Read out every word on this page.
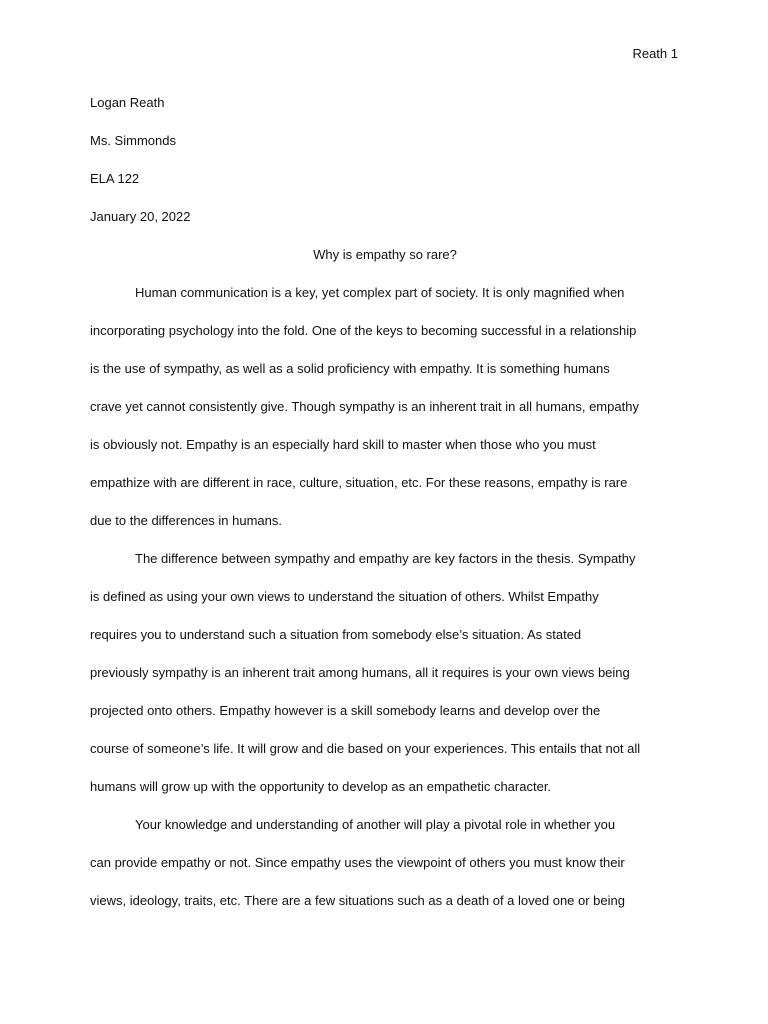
Reath 1
Logan Reath
Ms. Simmonds
ELA 122
January 20, 2022
Why is empathy so rare?
Human communication is a key, yet complex part of society. It is only magnified when
incorporating psychology into the fold. One of the keys to becoming successful in a relationship
is the use of sympathy, as well as a solid proficiency with empathy. It is something humans
crave yet cannot consistently give. Though sympathy is an inherent trait in all humans, empathy
is obviously not. Empathy is an especially hard skill to master when those who you must
empathize with are different in race, culture, situation, etc. For these reasons, empathy is rare
due to the differences in humans.
The difference between sympathy and empathy are key factors in the thesis. Sympathy
is defined as using your own views to understand the situation of others. Whilst Empathy
requires you to understand such a situation from somebody else’s situation. As stated
previously sympathy is an inherent trait among humans, all it requires is your own views being
projected onto others. Empathy however is a skill somebody learns and develop over the
course of someone’s life. It will grow and die based on your experiences. This entails that not all
humans will grow up with the opportunity to develop as an empathetic character.
Your knowledge and understanding of another will play a pivotal role in whether you
can provide empathy or not. Since empathy uses the viewpoint of others you must know their
views, ideology, traits, etc. There are a few situations such as a death of a loved one or being
